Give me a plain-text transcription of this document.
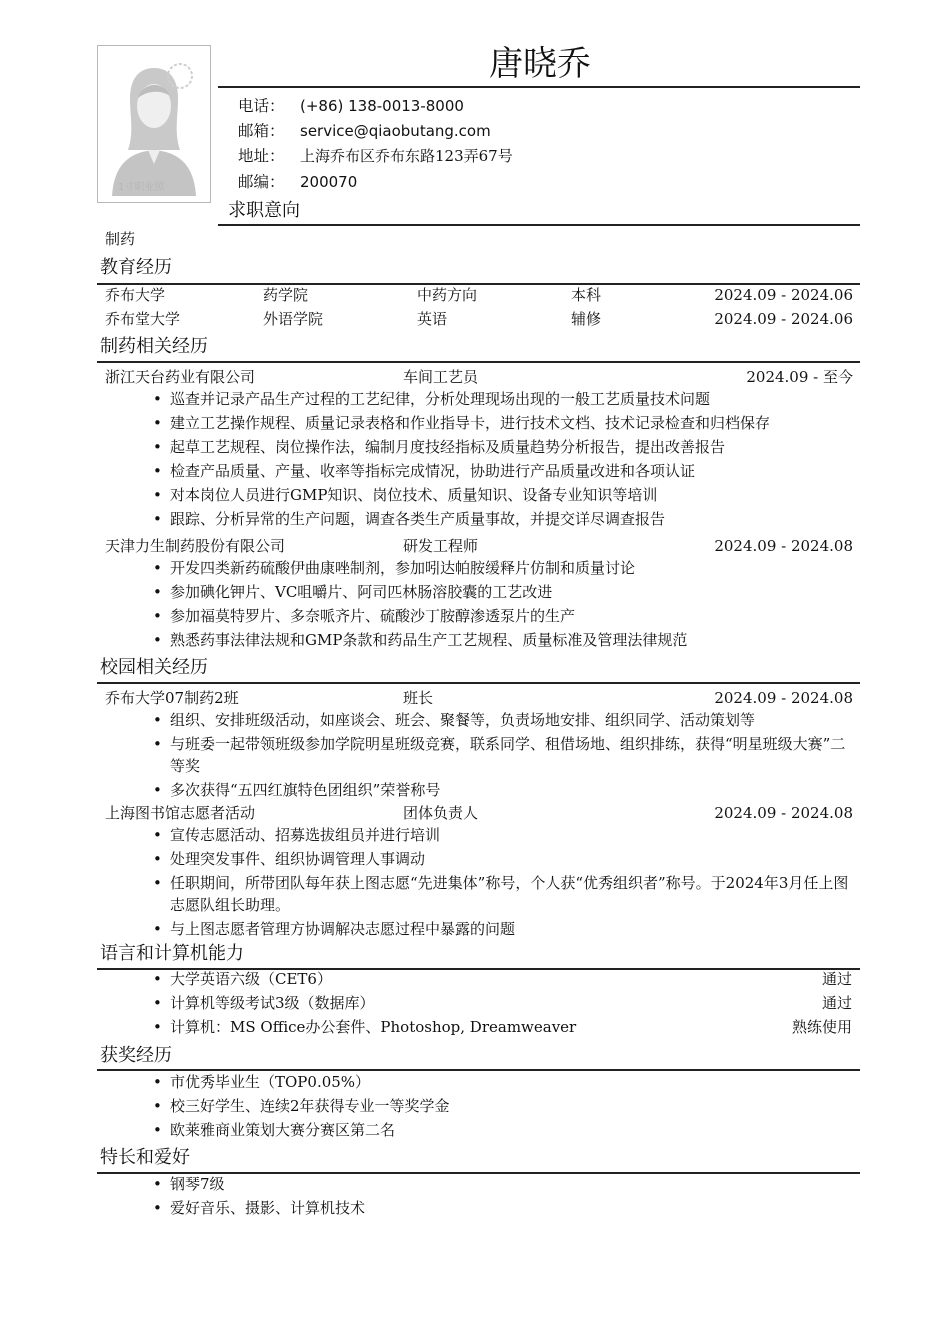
1寸职业照
唐晓乔
电话： (+86) 138-0013-8000
邮箱： service@qiaobutang.com
地址： 上海乔布区乔布东路123弄67号
邮编： 200070
求职意向
制药
教育经历
乔布大学	药学院	中药方向	本科	2024.09 - 2024.06
乔布堂大学	外语学院	英语	辅修	2024.09 - 2024.06
制药相关经历
浙江天台药业有限公司	车间工艺员	2024.09 - 至今
• 巡查并记录产品生产过程的工艺纪律，分析处理现场出现的一般工艺质量技术问题
• 建立工艺操作规程、质量记录表格和作业指导卡，进行技术文档、技术记录检查和归档保存
• 起草工艺规程、岗位操作法，编制月度技经指标及质量趋势分析报告，提出改善报告
• 检查产品质量、产量、收率等指标完成情况，协助进行产品质量改进和各项认证
• 对本岗位人员进行GMP知识、岗位技术、质量知识、设备专业知识等培训
• 跟踪、分析异常的生产问题，调查各类生产质量事故，并提交详尽调查报告
天津力生制药股份有限公司	研发工程师	2024.09 - 2024.08
• 开发四类新药硫酸伊曲康唑制剂，参加吲达帕胺缓释片仿制和质量讨论
• 参加碘化钾片、VC咀嚼片、阿司匹林肠溶胶囊的工艺改进
• 参加福莫特罗片、多奈哌齐片、硫酸沙丁胺醇渗透泵片的生产
• 熟悉药事法律法规和GMP条款和药品生产工艺规程、质量标准及管理法律规范
校园相关经历
乔布大学07制药2班	班长	2024.09 - 2024.08
• 组织、安排班级活动，如座谈会、班会、聚餐等，负责场地安排、组织同学、活动策划等
• 与班委一起带领班级参加学院明星班级竞赛，联系同学、租借场地、组织排练，获得“明星班级大赛”二等奖
• 多次获得“五四红旗特色团组织”荣誉称号
上海图书馆志愿者活动	团体负责人	2024.09 - 2024.08
• 宣传志愿活动、招募选拔组员并进行培训
• 处理突发事件、组织协调管理人事调动
• 任职期间，所带团队每年获上图志愿“先进集体”称号，个人获“优秀组织者”称号。于2024年3月任上图志愿队组长助理。
• 与上图志愿者管理方协调解决志愿过程中暴露的问题
语言和计算机能力
• 大学英语六级（CET6）	通过
• 计算机等级考试3级（数据库）	通过
• 计算机：MS Office办公套件、Photoshop, Dreamweaver	熟练使用
获奖经历
• 市优秀毕业生（TOP0.05%）
• 校三好学生、连续2年获得专业一等奖学金
• 欧莱雅商业策划大赛分赛区第二名
特长和爱好
• 钢琴7级
• 爱好音乐、摄影、计算机技术
